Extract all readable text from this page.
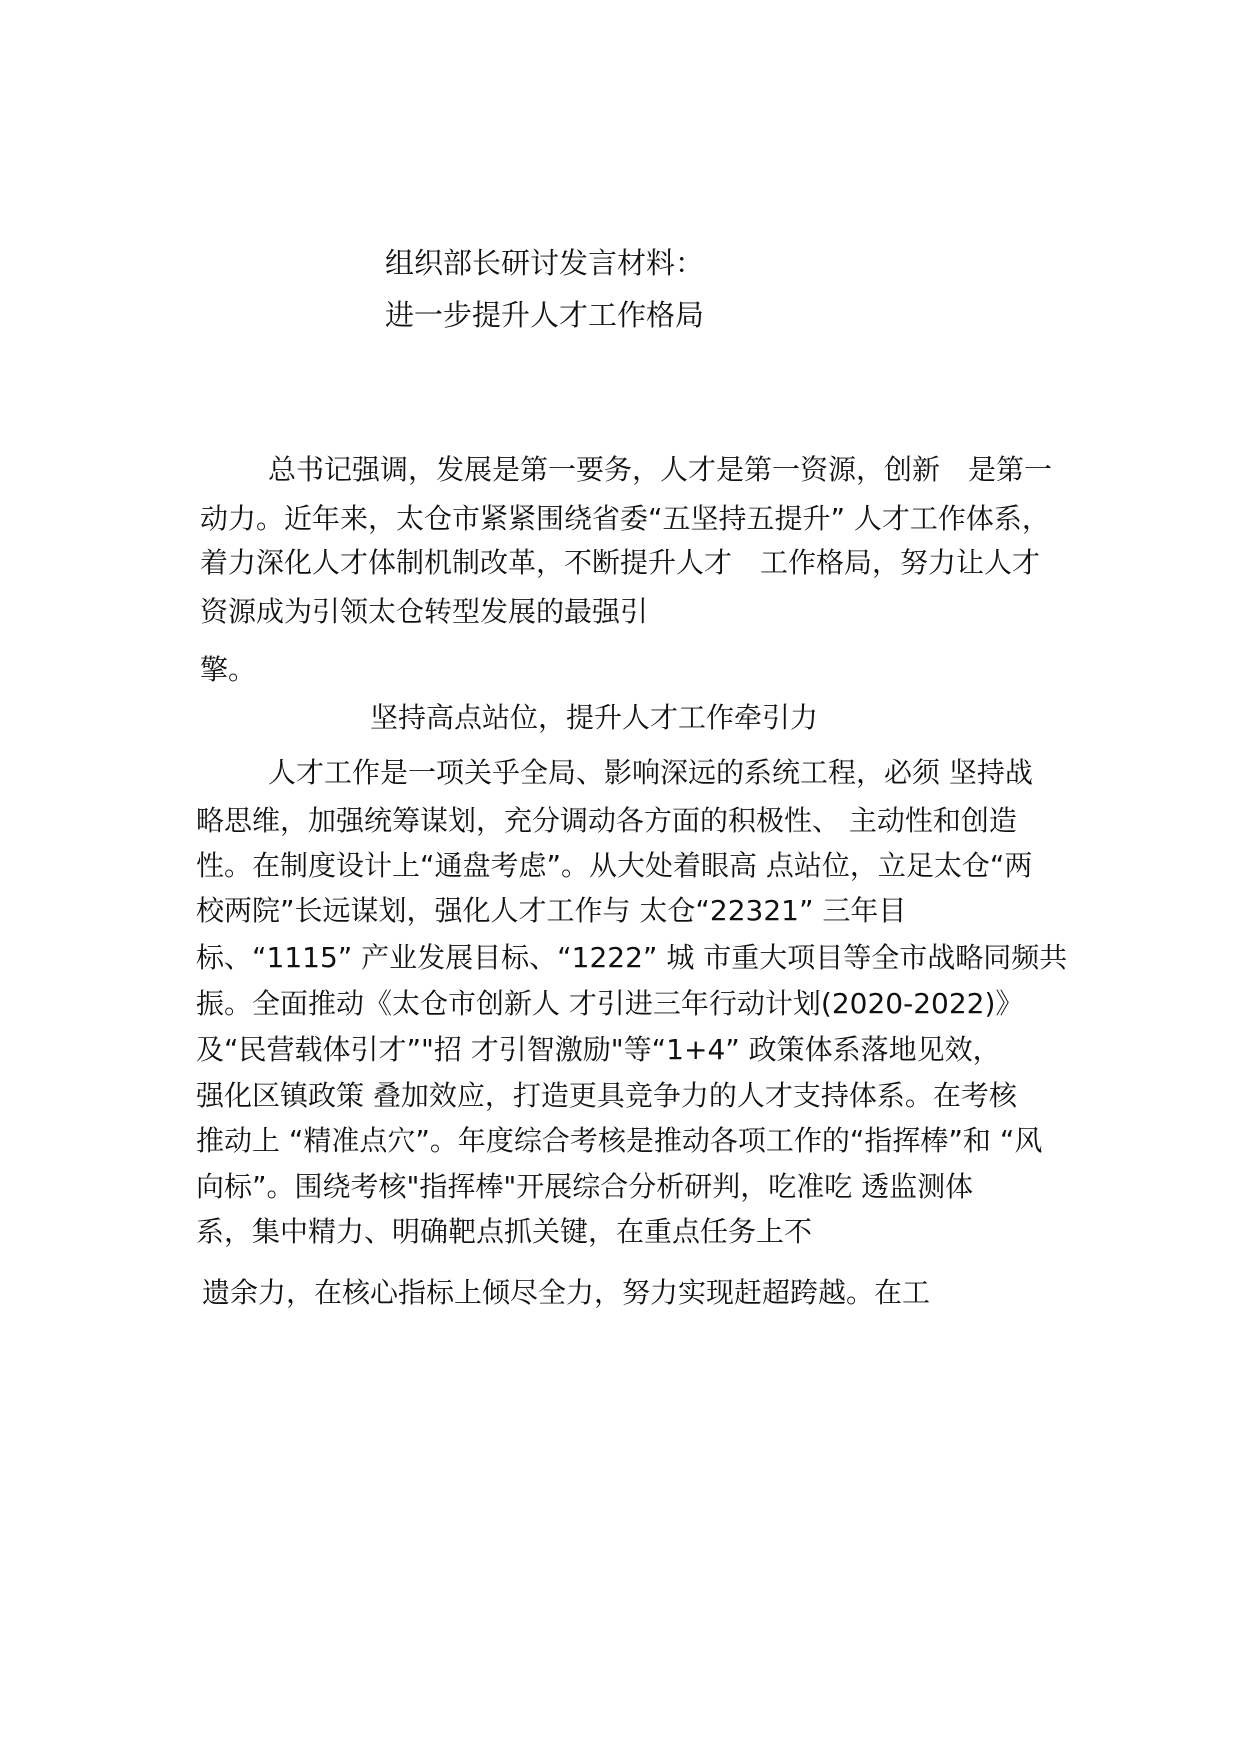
组织部长研讨发言材料：
进一步提升人才工作格局
总书记强调，发展是第一要务，人才是第一资源，创新　是第一
动力。近年来，太仓市紧紧围绕省委“五坚持五提升” 人才工作体系，
着力深化人才体制机制改革，不断提升人才　工作格局，努力让人才
资源成为引领太仓转型发展的最强引
擎。
坚持高点站位，提升人才工作牵引力
人才工作是一项关乎全局、影响深远的系统工程，必须 坚持战
略思维，加强统筹谋划，充分调动各方面的积极性、 主动性和创造
性。在制度设计上“通盘考虑”。从大处着眼高 点站位，立足太仓“两
校两院”长远谋划，强化人才工作与 太仓“22321” 三年目
标、“1115” 产业发展目标、“1222” 城 市重大项目等全市战略同频共
振。全面推动《太仓市创新人 才引进三年行动计划(2020-2022)》
及“民营载体引才”"招 才引智激励"等“1+4” 政策体系落地见效，
强化区镇政策 叠加效应，打造更具竞争力的人才支持体系。在考核
推动上 “精准点穴”。年度综合考核是推动各项工作的“指挥棒”和 “风
向标”。围绕考核"指挥棒"开展综合分析研判，吃准吃 透监测体
系，集中精力、明确靶点抓关键，在重点任务上不
遗余力，在核心指标上倾尽全力，努力实现赶超跨越。在工
